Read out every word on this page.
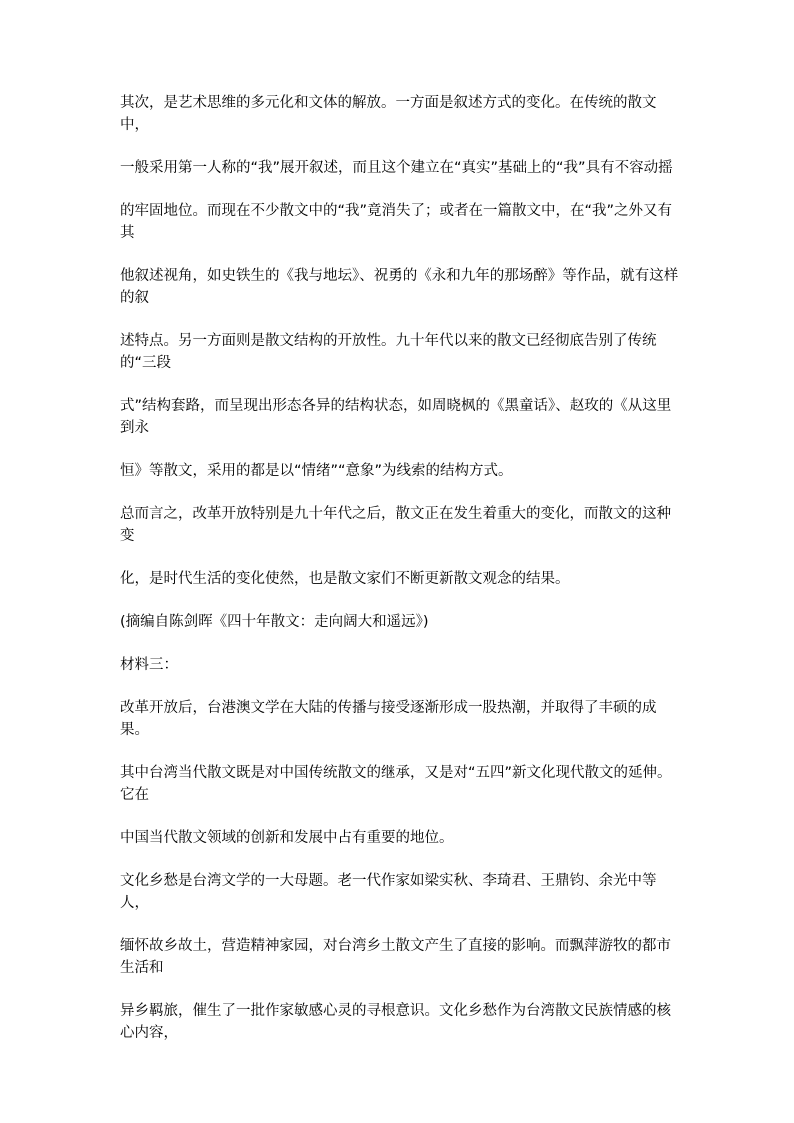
其次，是艺术思维的多元化和文体的解放。一方面是叙述方式的变化。在传统的散文中，

一般采用第一人称的“我”展开叙述，而且这个建立在“真实”基础上的“我”具有不容动摇

的牢固地位。而现在不少散文中的“我”竟消失了；或者在一篇散文中，在“我”之外又有其

他叙述视角，如史铁生的《我与地坛》、祝勇的《永和九年的那场醉》等作品，就有这样的叙

述特点。另一方面则是散文结构的开放性。九十年代以来的散文已经彻底告别了传统的“三段

式”结构套路，而呈现出形态各异的结构状态，如周晓枫的《黑童话》、赵玫的《从这里到永

恒》等散文，采用的都是以“情绪”“意象”为线索的结构方式。

总而言之，改革开放特别是九十年代之后，散文正在发生着重大的变化，而散文的这种变

化，是时代生活的变化使然，也是散文家们不断更新散文观念的结果。

(摘编自陈剑晖《四十年散文：走向阔大和遥远》)

材料三：

改革开放后，台港澳文学在大陆的传播与接受逐渐形成一股热潮，并取得了丰硕的成果。

其中台湾当代散文既是对中国传统散文的继承，又是对“五四”新文化现代散文的延伸。它在

中国当代散文领域的创新和发展中占有重要的地位。

文化乡愁是台湾文学的一大母题。老一代作家如梁实秋、李琦君、王鼎钧、余光中等人，

缅怀故乡故土，营造精神家园，对台湾乡土散文产生了直接的影响。而飘萍游牧的都市生活和

异乡羁旅，催生了一批作家敏感心灵的寻根意识。文化乡愁作为台湾散文民族情感的核心内容，
